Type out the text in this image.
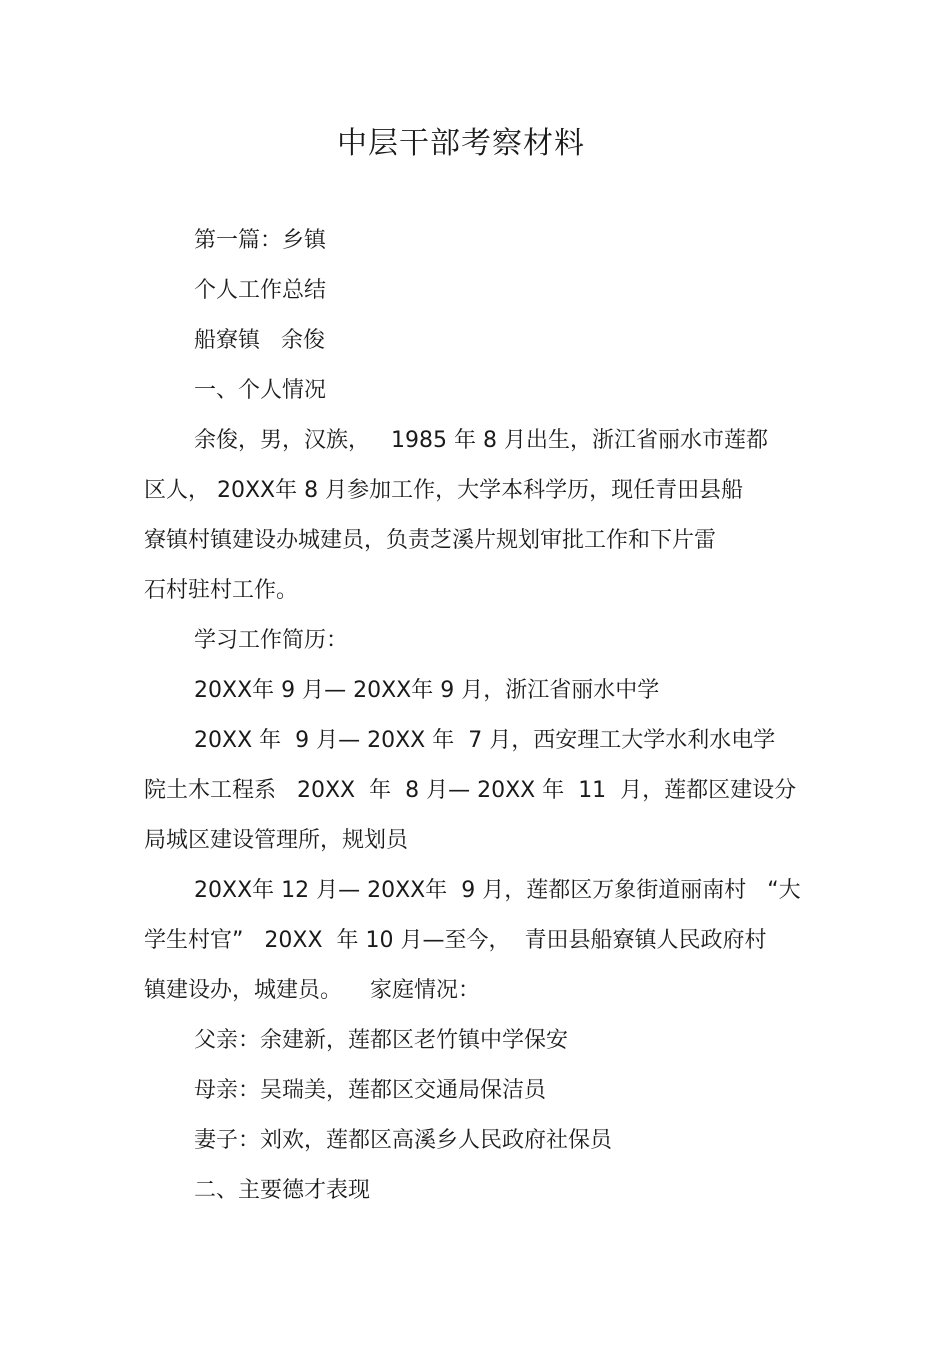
中层干部考察材料

第一篇：乡镇

个人工作总结

船寮镇   余俊

一、个人情况

余俊，男，汉族，   1985 年 8 月出生，浙江省丽水市莲都

区人， 20XX年 8 月参加工作，大学本科学历，现任青田县船

寮镇村镇建设办城建员，负责芝溪片规划审批工作和下片雷

石村驻村工作。

学习工作简历：

20XX年 9 月— 20XX年 9 月，浙江省丽水中学

20XX 年  9 月— 20XX 年  7 月，西安理工大学水利水电学

院土木工程系   20XX  年  8 月— 20XX 年  11  月，莲都区建设分

局城区建设管理所，规划员

20XX年 12 月— 20XX年  9 月，莲都区万象街道丽南村   “大

学生村官”   20XX  年 10 月—至今，  青田县船寮镇人民政府村

镇建设办，城建员。    家庭情况：

父亲：余建新，莲都区老竹镇中学保安

母亲：吴瑞美，莲都区交通局保洁员

妻子：刘欢，莲都区高溪乡人民政府社保员

二、主要德才表现
